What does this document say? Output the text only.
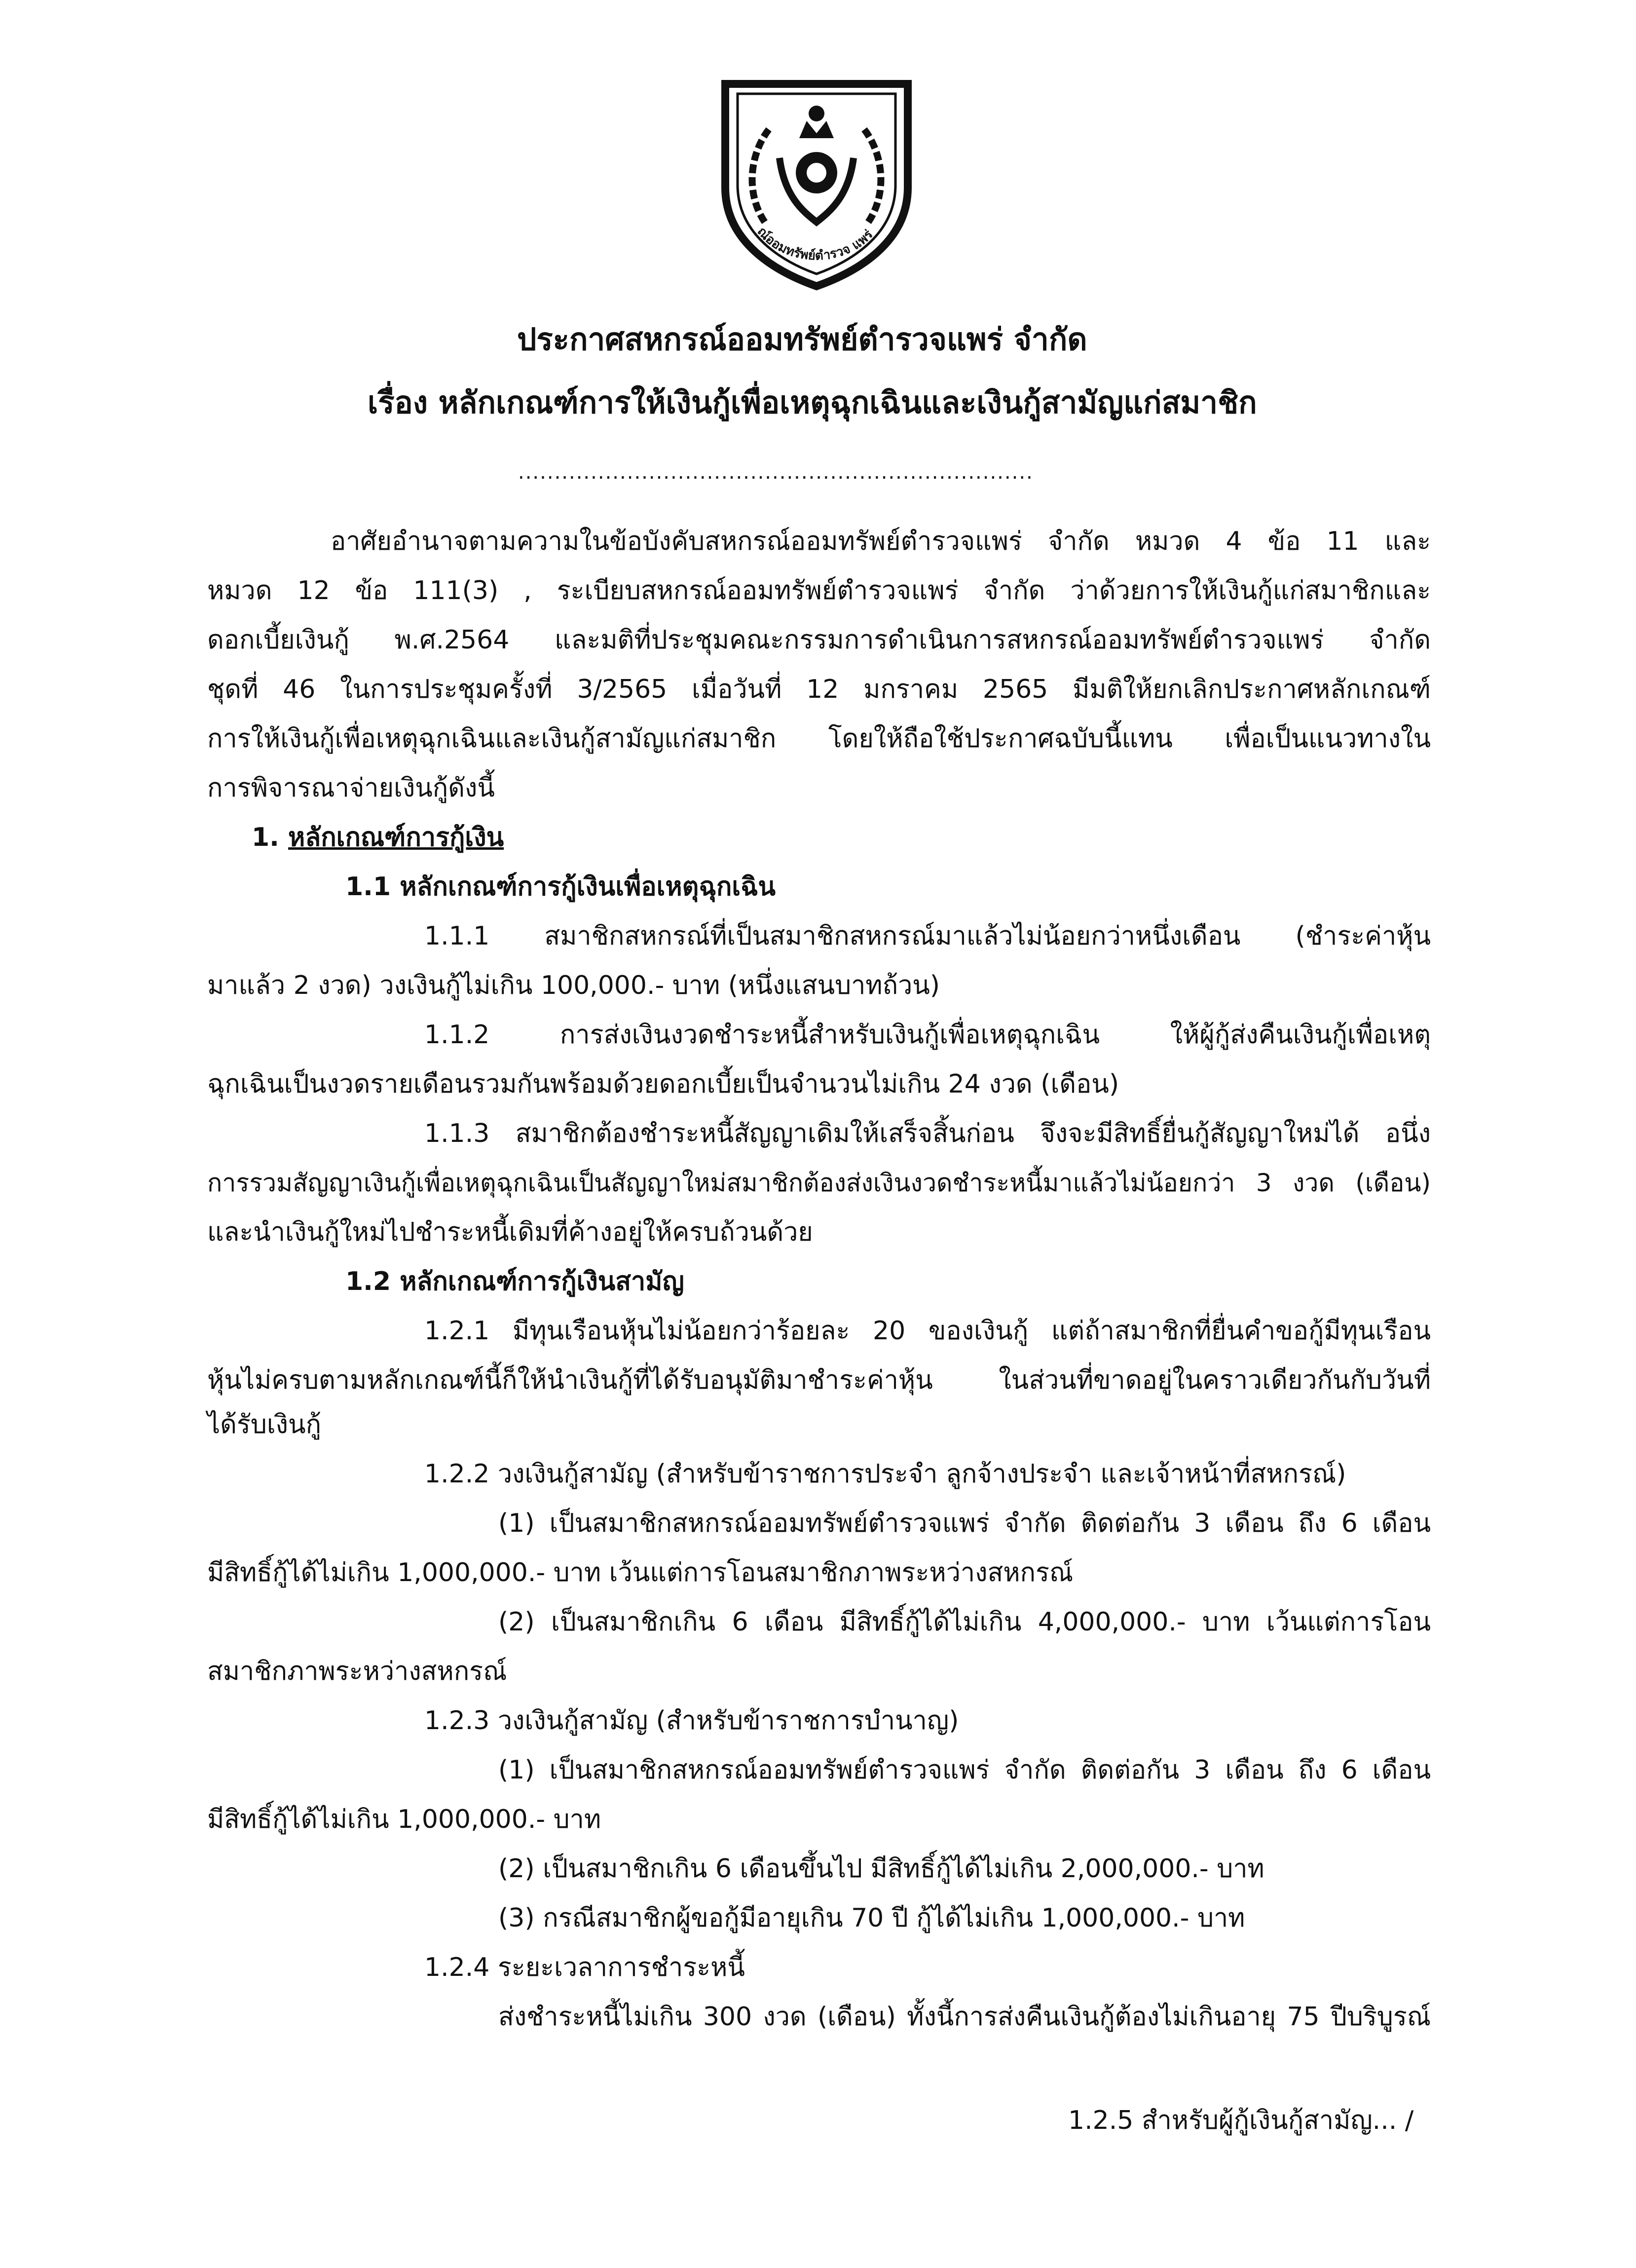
ณ์ออมทรัพย์ตำรวจ แพร่
ประกาศสหกรณ์ออมทรัพย์ตำรวจแพร่ จำกัด
เรื่อง หลักเกณฑ์การให้เงินกู้เพื่อเหตุฉุกเฉินและเงินกู้สามัญแก่สมาชิก
.......................................................................
อาศัยอำนาจตามความในข้อบังคับสหกรณ์ออมทรัพย์ตำรวจแพร่ จำกัด หมวด 4 ข้อ 11 และ
หมวด 12 ข้อ 111(3) , ระเบียบสหกรณ์ออมทรัพย์ตำรวจแพร่ จำกัด ว่าด้วยการให้เงินกู้แก่สมาชิกและ
ดอกเบี้ยเงินกู้ พ.ศ.2564 และมติที่ประชุมคณะกรรมการดำเนินการสหกรณ์ออมทรัพย์ตำรวจแพร่ จำกัด
ชุดที่ 46 ในการประชุมครั้งที่ 3/2565 เมื่อวันที่ 12 มกราคม 2565 มีมติให้ยกเลิกประกาศหลักเกณฑ์
การให้เงินกู้เพื่อเหตุฉุกเฉินและเงินกู้สามัญแก่สมาชิก โดยให้ถือใช้ประกาศฉบับนี้แทน เพื่อเป็นแนวทางใน
การพิจารณาจ่ายเงินกู้ดังนี้
1. หลักเกณฑ์การกู้เงิน
1.1 หลักเกณฑ์การกู้เงินเพื่อเหตุฉุกเฉิน
1.1.1 สมาชิกสหกรณ์ที่เป็นสมาชิกสหกรณ์มาแล้วไม่น้อยกว่าหนึ่งเดือน (ชำระค่าหุ้น
มาแล้ว 2 งวด) วงเงินกู้ไม่เกิน 100,000.- บาท (หนึ่งแสนบาทถ้วน)
1.1.2 การส่งเงินงวดชำระหนี้สำหรับเงินกู้เพื่อเหตุฉุกเฉิน ให้ผู้กู้ส่งคืนเงินกู้เพื่อเหตุ
ฉุกเฉินเป็นงวดรายเดือนรวมกันพร้อมด้วยดอกเบี้ยเป็นจำนวนไม่เกิน 24 งวด (เดือน)
1.1.3 สมาชิกต้องชำระหนี้สัญญาเดิมให้เสร็จสิ้นก่อน จึงจะมีสิทธิ์ยื่นกู้สัญญาใหม่ได้ อนึ่ง
การรวมสัญญาเงินกู้เพื่อเหตุฉุกเฉินเป็นสัญญาใหม่สมาชิกต้องส่งเงินงวดชำระหนี้มาแล้วไม่น้อยกว่า 3 งวด (เดือน)
และนำเงินกู้ใหม่ไปชำระหนี้เดิมที่ค้างอยู่ให้ครบถ้วนด้วย
1.2 หลักเกณฑ์การกู้เงินสามัญ
1.2.1 มีทุนเรือนหุ้นไม่น้อยกว่าร้อยละ 20 ของเงินกู้ แต่ถ้าสมาชิกที่ยื่นคำขอกู้มีทุนเรือน
หุ้นไม่ครบตามหลักเกณฑ์นี้ก็ให้นำเงินกู้ที่ได้รับอนุมัติมาชำระค่าหุ้น ในส่วนที่ขาดอยู่ในคราวเดียวกันกับวันที่
ได้รับเงินกู้
1.2.2 วงเงินกู้สามัญ (สำหรับข้าราชการประจำ ลูกจ้างประจำ และเจ้าหน้าที่สหกรณ์)
(1) เป็นสมาชิกสหกรณ์ออมทรัพย์ตำรวจแพร่ จำกัด ติดต่อกัน 3 เดือน ถึง 6 เดือน
มีสิทธิ์กู้ได้ไม่เกิน 1,000,000.- บาท เว้นแต่การโอนสมาชิกภาพระหว่างสหกรณ์
(2) เป็นสมาชิกเกิน 6 เดือน มีสิทธิ์กู้ได้ไม่เกิน 4,000,000.- บาท เว้นแต่การโอน
สมาชิกภาพระหว่างสหกรณ์
1.2.3 วงเงินกู้สามัญ (สำหรับข้าราชการบำนาญ)
(1) เป็นสมาชิกสหกรณ์ออมทรัพย์ตำรวจแพร่ จำกัด ติดต่อกัน 3 เดือน ถึง 6 เดือน
มีสิทธิ์กู้ได้ไม่เกิน 1,000,000.- บาท
(2) เป็นสมาชิกเกิน 6 เดือนขึ้นไป มีสิทธิ์กู้ได้ไม่เกิน 2,000,000.- บาท
(3) กรณีสมาชิกผู้ขอกู้มีอายุเกิน 70 ปี กู้ได้ไม่เกิน 1,000,000.- บาท
1.2.4 ระยะเวลาการชำระหนี้
ส่งชำระหนี้ไม่เกิน 300 งวด (เดือน) ทั้งนี้การส่งคืนเงินกู้ต้องไม่เกินอายุ 75 ปีบริบูรณ์
1.2.5 สำหรับผู้กู้เงินกู้สามัญ... /
